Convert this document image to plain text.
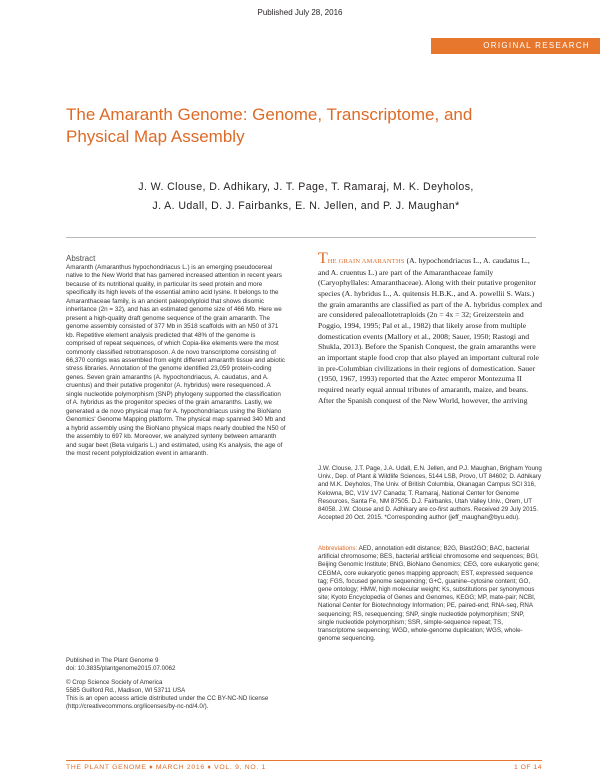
Published July 28, 2016
ORIGINAL RESEARCH
The Amaranth Genome: Genome, Transcriptome, and Physical Map Assembly
J. W. Clouse, D. Adhikary, J. T. Page, T. Ramaraj, M. K. Deyholos,
J. A. Udall, D. J. Fairbanks, E. N. Jellen, and P. J. Maughan*
Abstract
Amaranth (Amaranthus hypochondriacus L.) is an emerging pseudocereal native to the New World that has garnered increased attention in recent years because of its nutritional quality, in particular its seed protein and more specifically its high levels of the essential amino acid lysine. It belongs to the Amaranthaceae family, is an ancient paleopolyploid that shows disomic inheritance (2n = 32), and has an estimated genome size of 466 Mb. Here we present a high-quality draft genome sequence of the grain amaranth. The genome assembly consisted of 377 Mb in 3518 scaffolds with an N50 of 371 kb. Repetitive element analysis predicted that 48% of the genome is comprised of repeat sequences, of which Copia-like elements were the most commonly classified retrotransposon. A de novo transcriptome consisting of 66,370 contigs was assembled from eight different amaranth tissue and abiotic stress libraries. Annotation of the genome identified 23,059 protein-coding genes. Seven grain amaranths (A. hypochondriacus, A. caudatus, and A. cruentus) and their putative progenitor (A. hybridus) were resequenced. A single nucleotide polymorphism (SNP) phylogeny supported the classification of A. hybridus as the progenitor species of the grain amaranths. Lastly, we generated a de novo physical map for A. hypochondriacus using the BioNano Genomics' Genome Mapping platform. The physical map spanned 340 Mb and a hybrid assembly using the BioNano physical maps nearly doubled the N50 of the assembly to 697 kb. Moreover, we analyzed synteny between amaranth and sugar beet (Beta vulgaris L.) and estimated, using Ks analysis, the age of the most recent polyploidization event in amaranth.
Published in The Plant Genome 9
doi: 10.3835/plantgenome2015.07.0062
© Crop Science Society of America
5585 Guilford Rd., Madison, WI 53711 USA
This is an open access article distributed under the CC BY-NC-ND license (http://creativecommons.org/licenses/by-nc-nd/4.0/).

THE GRAIN AMARANTHS (A. hypochondriacus L., A. caudatus L., and A. cruentus L.) are part of the Amaranthaceae family (Caryophyllales: Amaranthaceae). Along with their putative progenitor species (A. hybridus L., A. quitensis H.B.K., and A. powellii S. Wats.) the grain amaranths are classified as part of the A. hybridus complex and are considered paleoallotetraploids (2n = 4x = 32; Greizerstein and Poggio, 1994, 1995; Pal et al., 1982) that likely arose from multiple domestication events (Mallory et al., 2008; Sauer, 1950; Rastogi and Shukla, 2013). Before the Spanish Conquest, the grain amaranths were an important staple food crop that also played an important cultural role in pre-Columbian civilizations in their regions of domestication. Sauer (1950, 1967, 1993) reported that the Aztec emperor Montezuma II required nearly equal annual tributes of amaranth, maize, and beans. After the Spanish conquest of the New World, however, the arriving

J.W. Clouse, J.T. Page, J.A. Udall, E.N. Jellen, and P.J. Maughan, Brigham Young Univ., Dep. of Plant & Wildlife Sciences, 5144 LSB, Provo, UT 84602; D. Adhikary and M.K. Deyholos, The Univ. of British Columbia, Okanagan Campus SCI 316, Kelowna, BC, V1V 1V7 Canada; T. Ramaraj, National Center for Genome Resources, Santa Fe, NM 87505. D.J. Fairbanks, Utah Valley Univ., Orem, UT 84058. J.W. Clouse and D. Adhikary are co-first authors. Received 29 July 2015. Accepted 20 Oct. 2015. *Corresponding author (jeff_maughan@byu.edu).
Abbreviations: AED, annotation edit distance; B2G, Blast2GO; BAC, bacterial artificial chromosome; BES, bacterial artificial chromosome end sequences; BGI, Beijing Genomic Institute; BNG, BioNano Genomics; CEG, core eukaryotic gene; CEGMA, core eukaryotic genes mapping approach; EST, expressed sequence tag; FGS, focused genome sequencing; G+C, guanine–cytosine content; GO, gene ontology; HMW, high molecular weight; Ks, substitutions per synonymous site; Kyoto Encyclopedia of Genes and Genomes, KEGG; MP, mate-pair; NCBI, National Center for Biotechnology Information; PE, paired-end; RNA-seq, RNA sequencing; RS, resequencing; SNP, single nucleotide polymorphism; SNP, single nucleotide polymorphism; SSR, simple-sequence repeat; TS, transcriptome sequencing; WGD, whole-genome duplication; WGS, whole-genome sequencing.
THE PLANT GENOME ♦ MARCH 2016 ♦ VOL. 9, NO. 1	1 OF 14
